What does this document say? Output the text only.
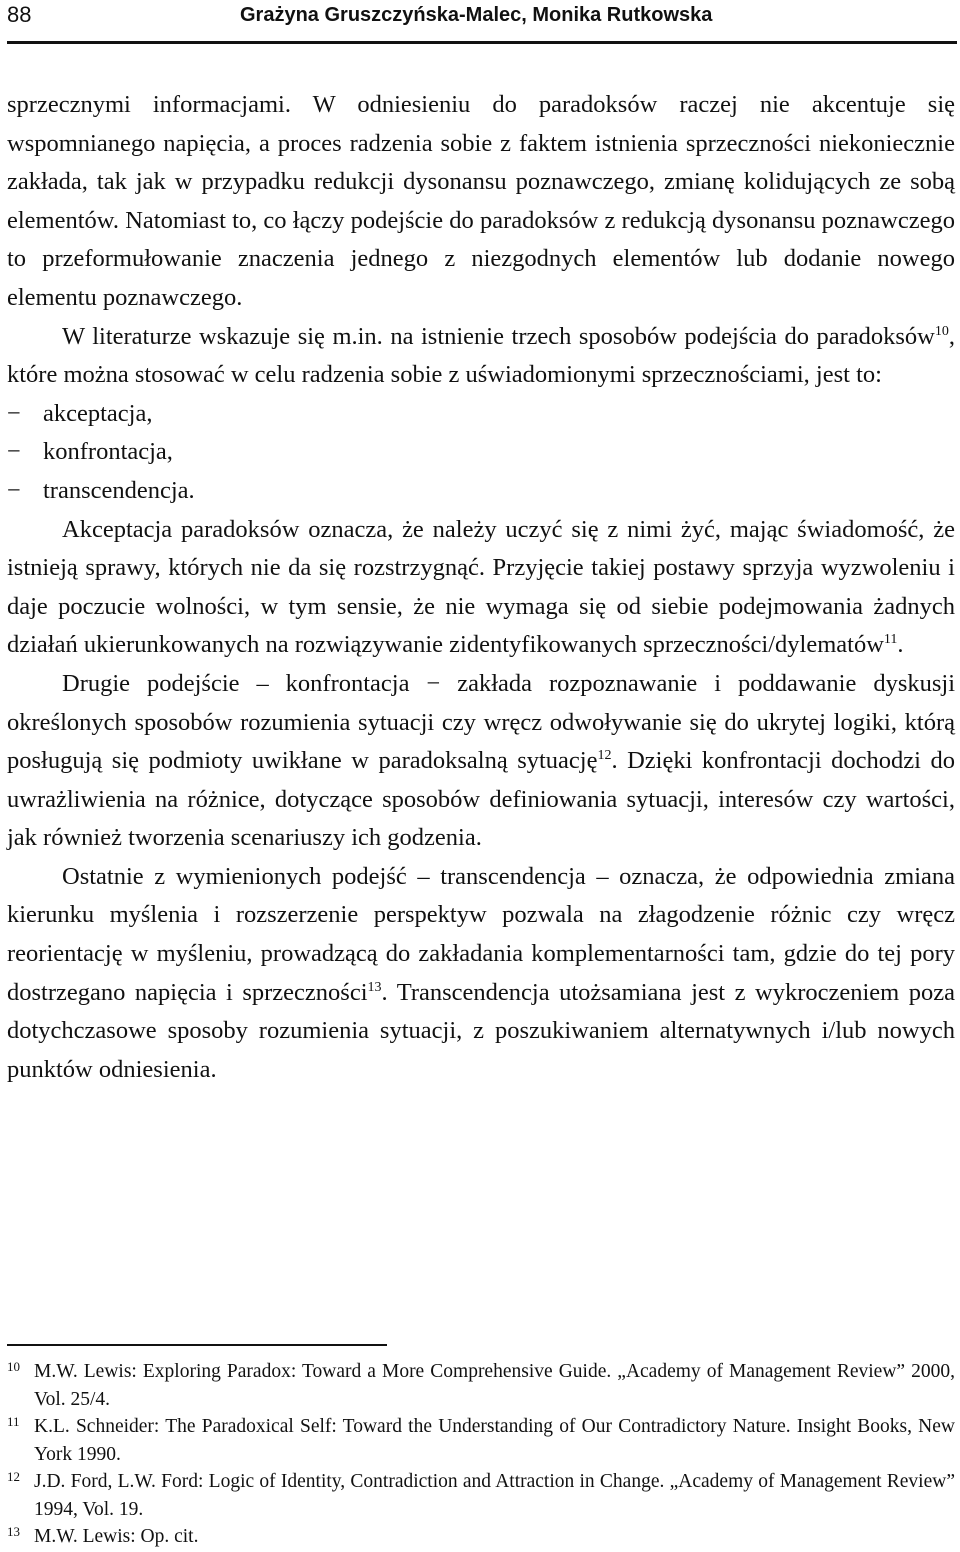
88	Grażyna Gruszczyńska-Malec, Monika Rutkowska

sprzecznymi informacjami. W odniesieniu do paradoksów raczej nie akcentuje się wspomnianego napięcia, a proces radzenia sobie z faktem istnienia sprzeczności niekoniecznie zakłada, tak jak w przypadku redukcji dysonansu poznawczego, zmianę kolidujących ze sobą elementów. Natomiast to, co łączy podejście do paradoksów z redukcją dysonansu poznawczego to przeformułowanie znaczenia jednego z niezgodnych elementów lub dodanie nowego elementu poznawczego.

W literaturze wskazuje się m.in. na istnienie trzech sposobów podejścia do paradoksów$^{10}$, które można stosować w celu radzenia sobie z uświadomionymi sprzecznościami, jest to:

− akceptacja,
− konfrontacja,
− transcendencja.

Akceptacja paradoksów oznacza, że należy uczyć się z nimi żyć, mając świadomość, że istnieją sprawy, których nie da się rozstrzygnąć. Przyjęcie takiej postawy sprzyja wyzwoleniu i daje poczucie wolności, w tym sensie, że nie wymaga się od siebie podejmowania żadnych działań ukierunkowanych na rozwiązywanie zidentyfikowanych sprzeczności/dylematów$^{11}$.

Drugie podejście – konfrontacja − zakłada rozpoznawanie i poddawanie dyskusji określonych sposobów rozumienia sytuacji czy wręcz odwoływanie się do ukrytej logiki, którą posługują się podmioty uwikłane w paradoksalną sytuację$^{12}$. Dzięki konfrontacji dochodzi do uwrażliwienia na różnice, dotyczące sposobów definiowania sytuacji, interesów czy wartości, jak również tworzenia scenariuszy ich godzenia.

Ostatnie z wymienionych podejść – transcendencja – oznacza, że odpowiednia zmiana kierunku myślenia i rozszerzenie perspektyw pozwala na złagodzenie różnic czy wręcz reorientację w myśleniu, prowadzącą do zakładania komplementarności tam, gdzie do tej pory dostrzegano napięcia i sprzeczności$^{13}$. Transcendencja utożsamiana jest z wykroczeniem poza dotychczasowe sposoby rozumienia sytuacji, z poszukiwaniem alternatywnych i/lub nowych punktów odniesienia.

10 M.W. Lewis: Exploring Paradox: Toward a More Comprehensive Guide. „Academy of Management Review” 2000, Vol. 25/4.
11 K.L. Schneider: The Paradoxical Self: Toward the Understanding of Our Contradictory Nature. Insight Books, New York 1990.
12 J.D. Ford, L.W. Ford: Logic of Identity, Contradiction and Attraction in Change. „Academy of Management Review” 1994, Vol. 19.
13 M.W. Lewis: Op. cit.
